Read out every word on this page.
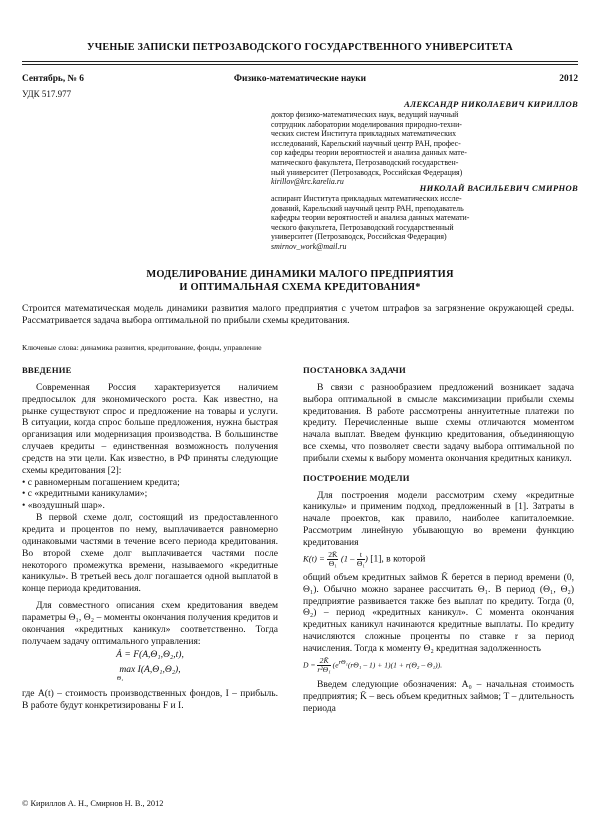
УЧЕНЫЕ ЗАПИСКИ ПЕТРОЗАВОДСКОГО ГОСУДАРСТВЕННОГО УНИВЕРСИТЕТА
Сентябрь, № 6	Физико-математические науки	2012
УДК 517.977
АЛЕКСАНДР НИКОЛАЕВИЧ КИРИЛЛОВ
доктор физико-математических наук, ведущий научный
сотрудник лаборатории моделирования природно-техни-
ческих систем Института прикладных математических
исследований, Карельский научный центр РАН, профес-
сор кафедры теории вероятностей и анализа данных мате-
матического факультета, Петрозаводский государствен-
ный университет (Петрозаводск, Российская Федерация)
kirillov@krc.karelia.ru
НИКОЛАЙ ВАСИЛЬЕВИЧ СМИРНОВ
аспирант Института прикладных математических иссле-
дований, Карельский научный центр РАН, преподаватель
кафедры теории вероятностей и анализа данных математи-
ческого факультета, Петрозаводский государственный
университет (Петрозаводск, Российская Федерация)
smirnov_work@mail.ru
МОДЕЛИРОВАНИЕ ДИНАМИКИ МАЛОГО ПРЕДПРИЯТИЯ
И ОПТИМАЛЬНАЯ СХЕМА КРЕДИТОВАНИЯ*
Строится математическая модель динамики развития малого предприятия с учетом штрафов за загрязнение окружающей среды. Рассматривается задача выбора оптимальной по прибыли схемы кредитования.
Ключевые слова: динамика развития, кредитование, фонды, управление
ВВЕДЕНИЕ

Современная Россия характеризуется наличием предпосылок для экономического роста. Как известно, на рынке существуют спрос и предложение на товары и услуги. В ситуации, когда спрос больше предложения, нужна быстрая организация или модернизация производства. В большинстве случаев кредиты – единственная возможность получения средств на эти цели. Как известно, в РФ приняты следующие схемы кредитования [2]:

• с равномерным погашением кредита;
• с «кредитными каникулами»;
• «воздушный шар».

В первой схеме долг, состоящий из предоставленного кредита и процентов по нему, выплачивается равномерно одинаковыми частями в течение всего периода кредитования. Во второй схеме долг выплачивается частями после некоторого промежутка времени, называемого «кредитные каникулы». В третьей весь долг погашается одной выплатой в конце периода кредитования.

Для совместного описания схем кредитования введем параметры Θ₁, Θ₂ – моменты окончания получения кредитов и окончания «кредитных каникул» соответственно. Тогда получаем задачу оптимального управления:

Ȧ = F(A,Θ₁,Θ₂,t),
max I(A,Θ₁,Θ₂),
$^{\Theta_1}$

где A(t) – стоимость производственных фондов, I – прибыль. В работе будут конкретизированы F и I.

ПОСТАНОВКА ЗАДАЧИ

В связи с разнообразием предложений возникает задача выбора оптимальной в смысле максимизации прибыли схемы кредитования. В работе рассмотрены аннуитетные платежи по кредиту. Перечисленные выше схемы отличаются моментом начала выплат. Введем функцию кредитования, объединяющую все схемы, что позволяет свести задачу выбора оптимальной по прибыли схемы к выбору момента окончания кредитных каникул.

ПОСТРОЕНИЕ МОДЕЛИ

Для построения модели рассмотрим схему «кредитные каникулы» и применим подход, предложенный в [1]. Затраты в начале проектов, как правило, наиболее капиталоемкие. Рассмотрим линейную убывающую во времени функцию кредитования

$K(t) = \frac{2K̄}{\text{Θ₁}} (1 - \frac{t}{\text{Θ₁}}$ ) [1], в которой

общий объем кредитных займов K̄ берется в период времени (0, Θ₁). Обычно можно заранее рассчитать Θ₁. В период (Θ₁, Θ₂) предприятие развивается также без выплат по кредиту. Тогда (0, Θ₂) – период «кредитных каникул». С момента окончания кредитных каникул начинаются кредитные выплаты. По кредиту начисляются сложные проценты по ставке r за период начисления. Тогда к моменту Θ₂ кредитная задолженность

$D = \frac{2K̄}{\text{r²Θ₁}} (e^{r\Theta_1}(r\Theta_1 - 1) + 1)(1 + r(\Theta_2 - \Theta_1))$.

Введем следующие обозначения: A₀ – начальная стоимость предприятия; K̄ – весь объем кредитных займов; T – длительность периода

© Кириллов А. Н., Смирнов Н. В., 2012
